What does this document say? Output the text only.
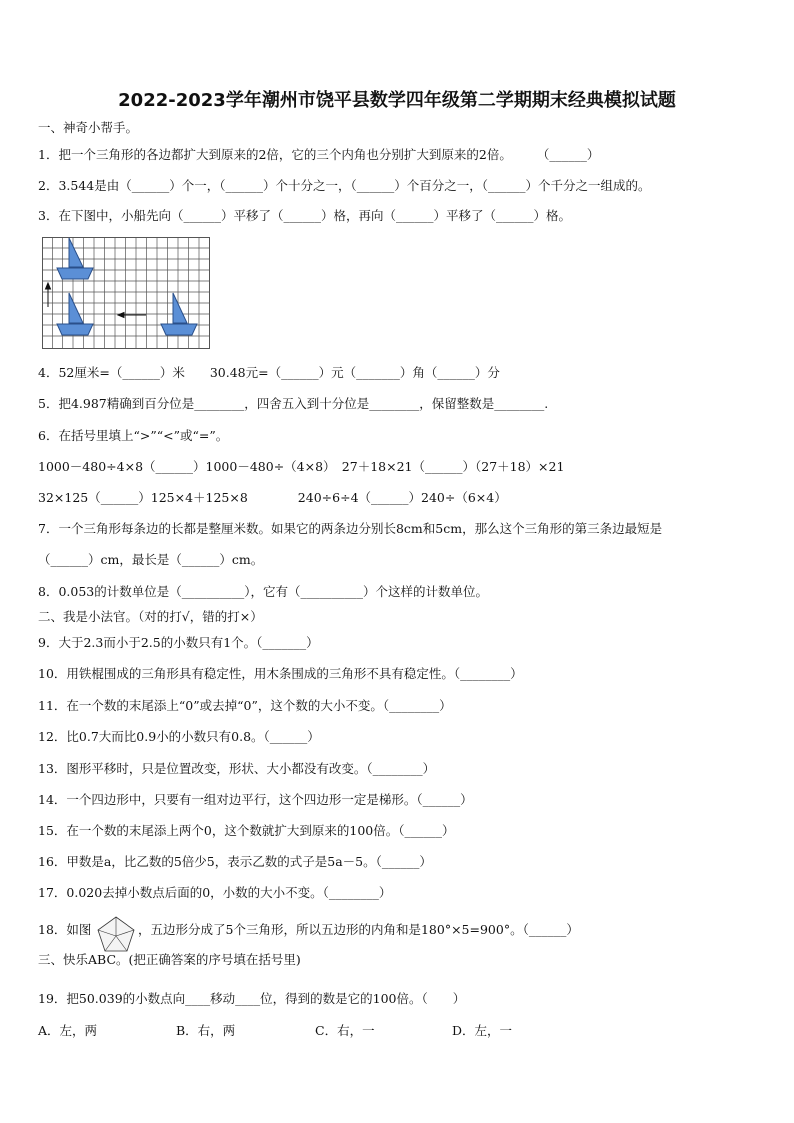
2022-2023学年潮州市饶平县数学四年级第二学期期末经典模拟试题
一、神奇小帮手。
1．把一个三角形的各边都扩大到原来的2倍，它的三个内角也分别扩大到原来的2倍。　　　（______）
2．3.544是由（______）个一，（______）个十分之一，（______）个百分之一，（______）个千分之一组成的。
3．在下图中，小船先向（______）平移了（______）格，再向（______）平移了（______）格。
4．52厘米=（______）米　　30.48元=（______）元（_______）角（______）分
5．把4.987精确到百分位是________，四舍五入到十分位是________，保留整数是________.
6．在括号里填上“>”“<”或“=”。
1000－480÷4×8（______）1000－480÷（4×8）　27＋18×21（______）（27＋18）×21
32×125（______）125×4＋125×8　　　　240÷6÷4（______）240÷（6×4）
7．一个三角形每条边的长都是整厘米数。如果它的两条边分别长8cm和5cm，那么这个三角形的第三条边最短是
（______）cm，最长是（______）cm。
8．0.053的计数单位是（__________），它有（__________）个这样的计数单位。
二、我是小法官。（对的打√，错的打×）
9．大于2.3而小于2.5的小数只有1个。（_______）
10．用铁棍围成的三角形具有稳定性，用木条围成的三角形不具有稳定性。（________）
11．在一个数的末尾添上“0”或去掉“0”，这个数的大小不变。（________）
12．比0.7大而比0.9小的小数只有0.8。（______）
13．图形平移时，只是位置改变，形状、大小都没有改变。（________）
14．一个四边形中，只要有一组对边平行，这个四边形一定是梯形。（______）
15．在一个数的末尾添上两个0，这个数就扩大到原来的100倍。（______）
16．甲数是a，比乙数的5倍少5，表示乙数的式子是5a－5。（______）
17．0.020去掉小数点后面的0，小数的大小不变。（________）
18．如图	，五边形分成了5个三角形，所以五边形的内角和是180°×5=900°。（______）
三、快乐ABC。(把正确答案的序号填在括号里)
19．把50.039的小数点向____移动____位，得到的数是它的100倍。（　　）
A．左，两	B．右，两	C．右，一	D．左，一
